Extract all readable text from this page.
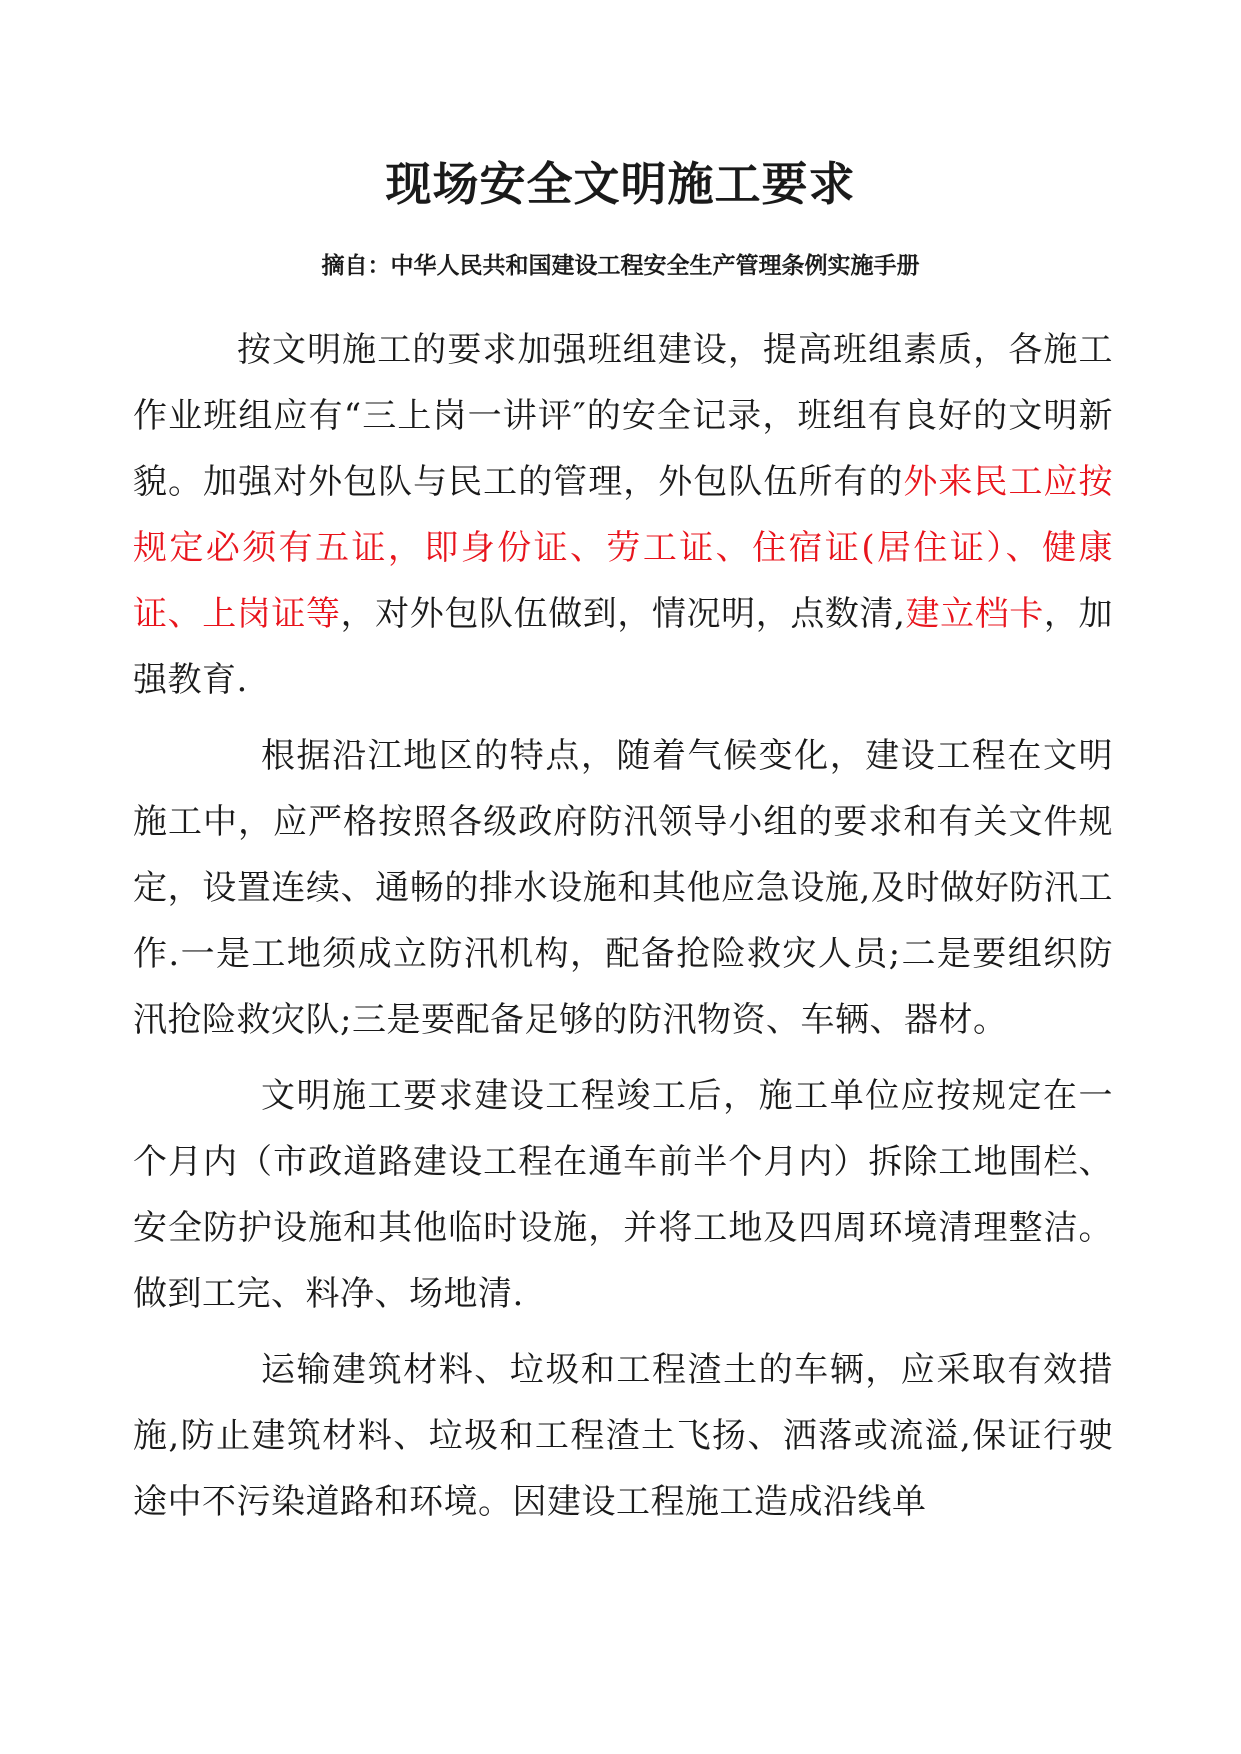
现场安全文明施工要求

摘自：中华人民共和国建设工程安全生产管理条例实施手册

按文明施工的要求加强班组建设，提高班组素质，各施工作业班组应有“三上岗一讲评″的安全记录，班组有良好的文明新貌。加强对外包队与民工的管理，外包队伍所有的外来民工应按规定必须有五证，即身份证、劳工证、住宿证(居住证）、健康证、上岗证等，对外包队伍做到，情况明，点数清,建立档卡，加强教育.

根据沿江地区的特点，随着气候变化，建设工程在文明施工中，应严格按照各级政府防汛领导小组的要求和有关文件规定，设置连续、通畅的排水设施和其他应急设施,及时做好防汛工作.一是工地须成立防汛机构，配备抢险救灾人员;二是要组织防汛抢险救灾队;三是要配备足够的防汛物资、车辆、器材。

文明施工要求建设工程竣工后，施工单位应按规定在一个月内（市政道路建设工程在通车前半个月内）拆除工地围栏、安全防护设施和其他临时设施，并将工地及四周环境清理整洁。做到工完、料净、场地清.

运输建筑材料、垃圾和工程渣土的车辆，应采取有效措施,防止建筑材料、垃圾和工程渣土飞扬、洒落或流溢,保证行驶途中不污染道路和环境。因建设工程施工造成沿线单
